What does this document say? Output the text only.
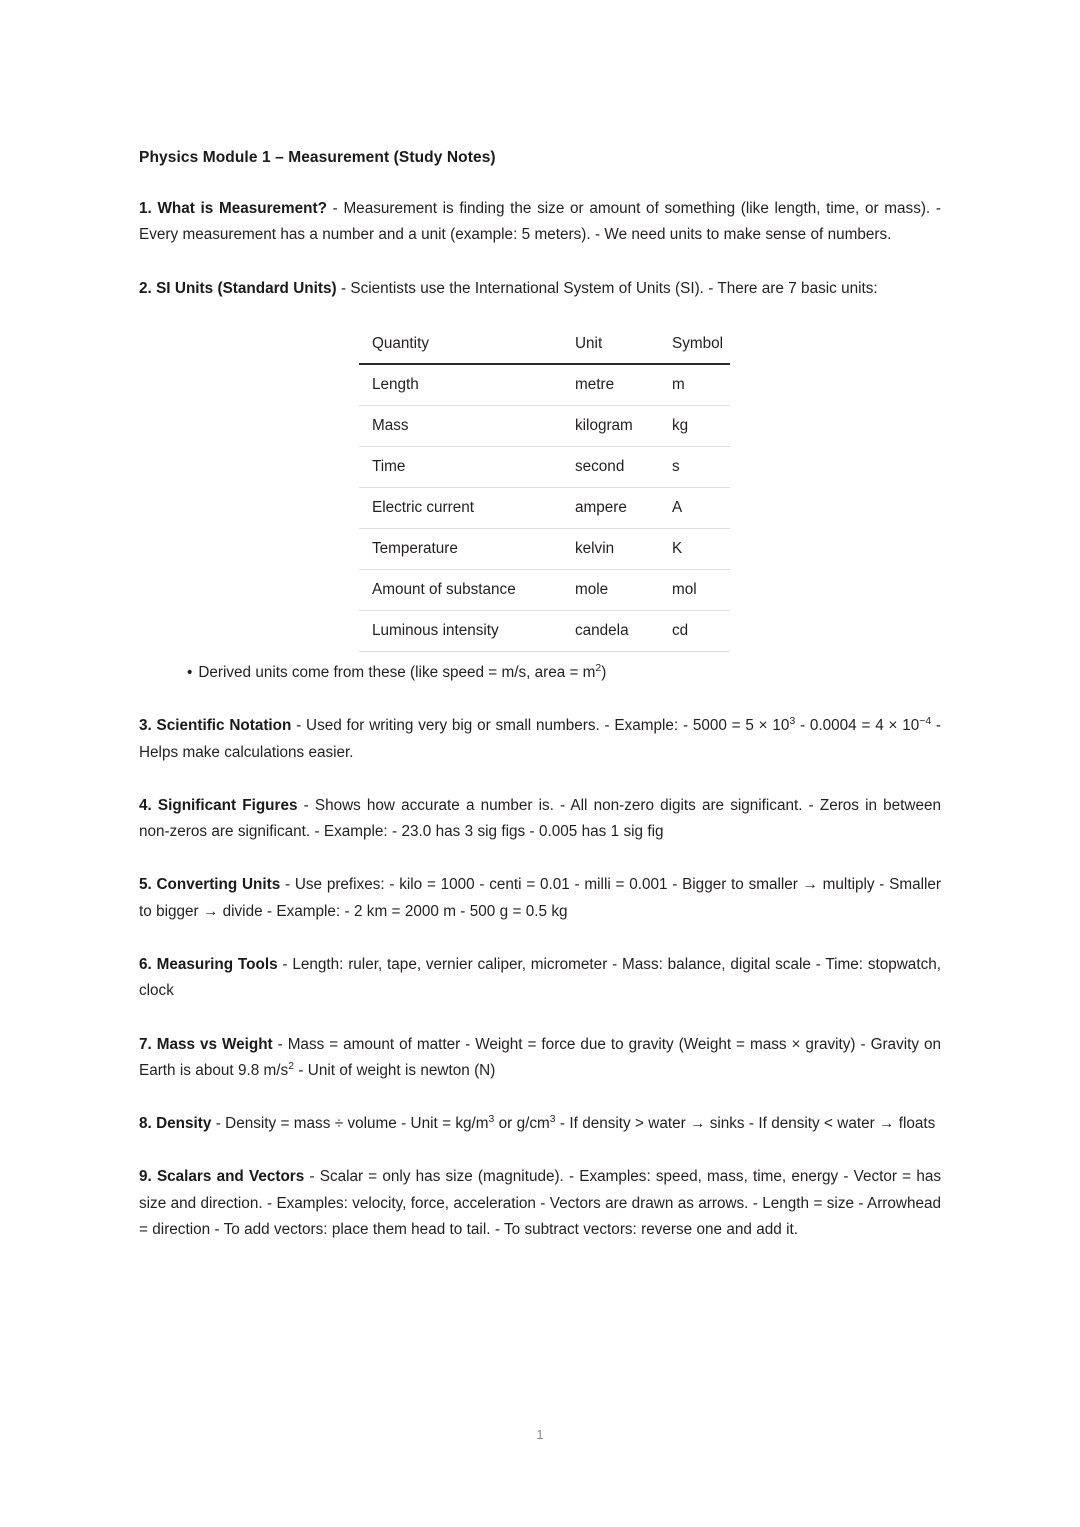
Physics Module 1 – Measurement (Study Notes)

1. What is Measurement? - Measurement is finding the size or amount of something (like length, time, or mass). - Every measurement has a number and a unit (example: 5 meters). - We need units to make sense of numbers.

2. SI Units (Standard Units) - Scientists use the International System of Units (SI). - There are 7 basic units:

Quantity	Unit	Symbol
Length	metre	m
Mass	kilogram	kg
Time	second	s
Electric current	ampere	A
Temperature	kelvin	K
Amount of substance	mole	mol
Luminous intensity	candela	cd
• Derived units come from these (like speed = m/s, area = $m^2$)

3. Scientific Notation - Used for writing very big or small numbers. - Example: - $5000 = 5 \times 10^3 - 0.0004 = 4 \times 10^{-4}$ - Helps make calculations easier.

4. Significant Figures - Shows how accurate a number is. - All non-zero digits are significant. - Zeros in between non-zeros are significant. - Example: - 23.0 has 3 sig figs - 0.005 has 1 sig fig

5. Converting Units - Use prefixes: - kilo = 1000 - centi = 0.01 - milli = 0.001 - Bigger to smaller → multiply - Smaller to bigger → divide - Example: - 2 km = 2000 m - 500 g = 0.5 kg

6. Measuring Tools - Length: ruler, tape, vernier caliper, micrometer - Mass: balance, digital scale - Time: stopwatch, clock

7. Mass vs Weight - Mass = amount of matter - Weight = force due to gravity (Weight = mass × gravity) - Gravity on Earth is about 9.8 $m/s^2$ - Unit of weight is newton (N)

8. Density - Density = mass ÷ volume - Unit = $kg/m^3$ or $g/cm^3$ - If density > water → sinks - If density < water → floats

9. Scalars and Vectors - Scalar = only has size (magnitude). - Examples: speed, mass, time, energy - Vector = has size and direction. - Examples: velocity, force, acceleration - Vectors are drawn as arrows. - Length = size - Arrowhead = direction - To add vectors: place them head to tail. - To subtract vectors: reverse one and add it.

1
